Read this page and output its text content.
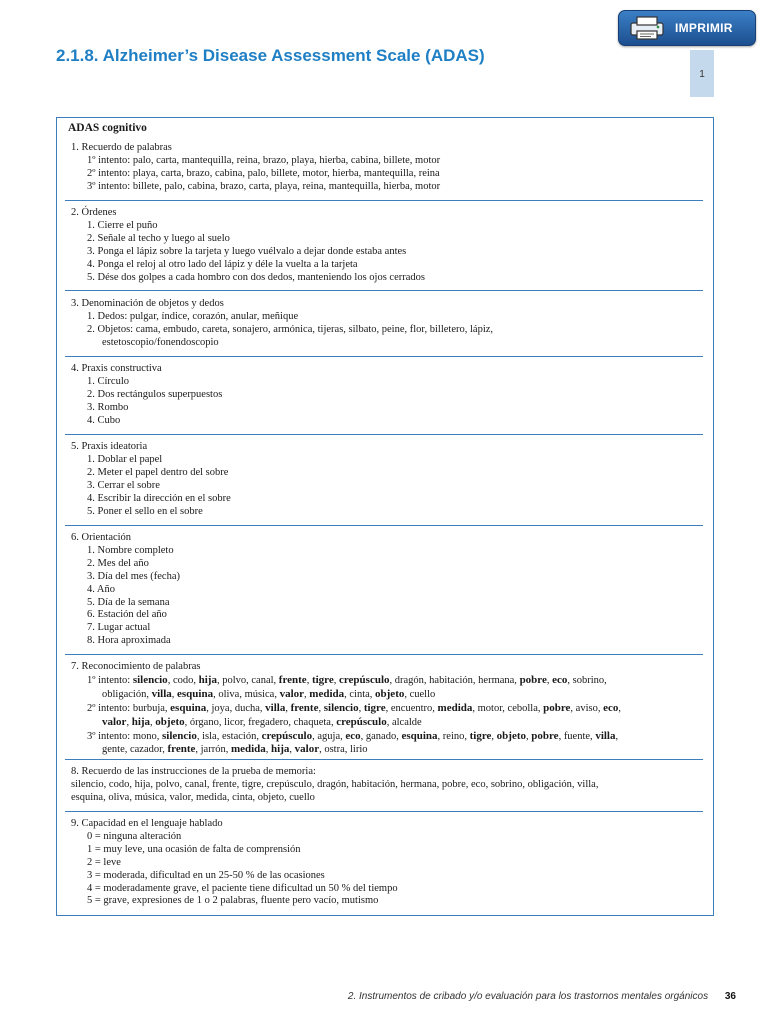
IMPRIMIR
2.1.8. Alzheimer’s Disease Assessment Scale (ADAS)
1
ADAS cognitivo
1. Recuerdo de palabras
1º intento: palo, carta, mantequilla, reina, brazo, playa, hierba, cabina, billete, motor
2º intento: playa, carta, brazo, cabina, palo, billete, motor, hierba, mantequilla, reina
3º intento: billete, palo, cabina, brazo, carta, playa, reina, mantequilla, hierba, motor
2. Órdenes
1. Cierre el puño
2. Señale al techo y luego al suelo
3. Ponga el lápiz sobre la tarjeta y luego vuélvalo a dejar donde estaba antes
4. Ponga el reloj al otro lado del lápiz y déle la vuelta a la tarjeta
5. Dése dos golpes a cada hombro con dos dedos, manteniendo los ojos cerrados
3. Denominación de objetos y dedos
1. Dedos: pulgar, índice, corazón, anular, meñique
2. Objetos: cama, embudo, careta, sonajero, armónica, tijeras, silbato, peine, flor, billetero, lápiz,
estetoscopio/fonendoscopio
4. Praxis constructiva
1. Círculo
2. Dos rectángulos superpuestos
3. Rombo
4. Cubo
5. Praxis ideatoria
1. Doblar el papel
2. Meter el papel dentro del sobre
3. Cerrar el sobre
4. Escribir la dirección en el sobre
5. Poner el sello en el sobre
6. Orientación
1. Nombre completo
2. Mes del año
3. Día del mes (fecha)
4. Año
5. Día de la semana
6. Estación del año
7. Lugar actual
8. Hora aproximada
7. Reconocimiento de palabras
1º intento: silencio, codo, hija, polvo, canal, frente, tigre, crepúsculo, dragón, habitación, hermana, pobre, eco, sobrino,
obligación, villa, esquina, oliva, música, valor, medida, cinta, objeto, cuello
2º intento: burbuja, esquina, joya, ducha, villa, frente, silencio, tigre, encuentro, medida, motor, cebolla, pobre, aviso, eco,
valor, hija, objeto, órgano, licor, fregadero, chaqueta, crepúsculo, alcalde
3º intento: mono, silencio, isla, estación, crepúsculo, aguja, eco, ganado, esquina, reino, tigre, objeto, pobre, fuente, villa,
gente, cazador, frente, jarrón, medida, hija, valor, ostra, lirio
8. Recuerdo de las instrucciones de la prueba de memoria:
silencio, codo, hija, polvo, canal, frente, tigre, crepúsculo, dragón, habitación, hermana, pobre, eco, sobrino, obligación, villa,
esquina, oliva, música, valor, medida, cinta, objeto, cuello
9. Capacidad en el lenguaje hablado
0 = ninguna alteración
1 = muy leve, una ocasión de falta de comprensión
2 = leve
3 = moderada, dificultad en un 25-50 % de las ocasiones
4 = moderadamente grave, el paciente tiene dificultad un 50 % del tiempo
5 = grave, expresiones de 1 o 2 palabras, fluente pero vacío, mutismo
2. Instrumentos de cribado y/o evaluación para los trastornos mentales orgánicos 36
